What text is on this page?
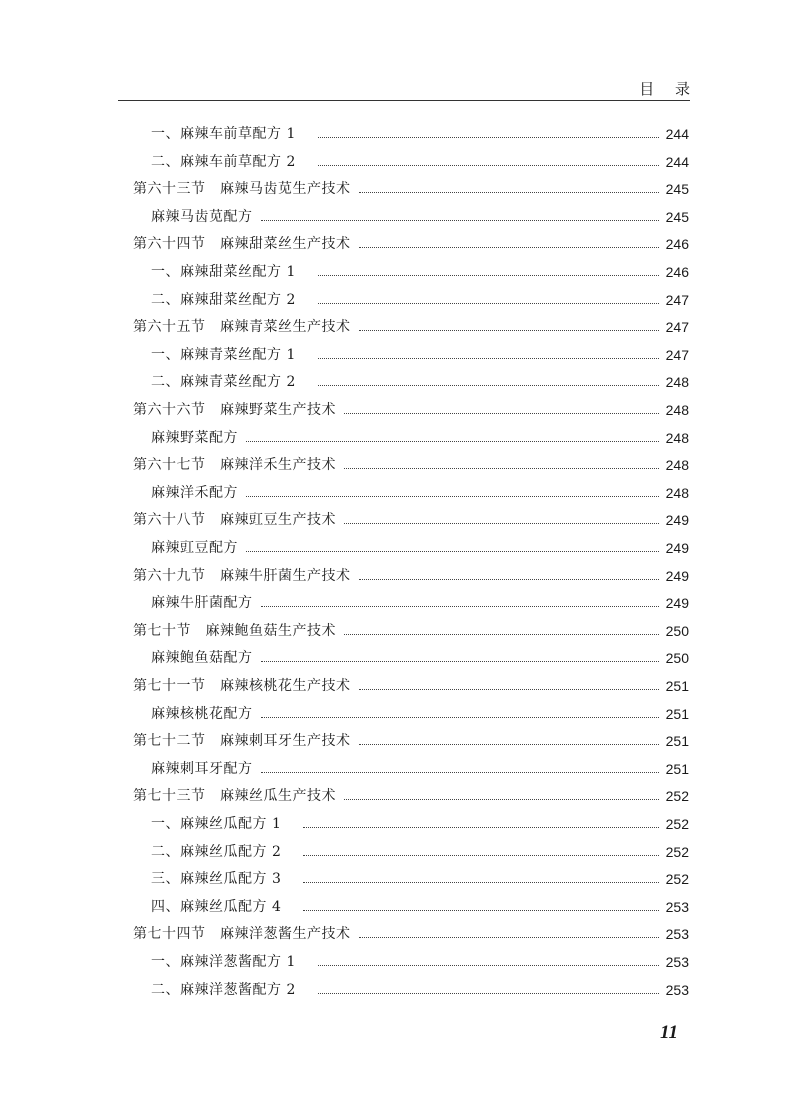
目 录
一、麻辣车前草配方 1	244
二、麻辣车前草配方 2	244
第六十三节　麻辣马齿苋生产技术	245
麻辣马齿苋配方	245
第六十四节　麻辣甜菜丝生产技术	246
一、麻辣甜菜丝配方 1	246
二、麻辣甜菜丝配方 2	247
第六十五节　麻辣青菜丝生产技术	247
一、麻辣青菜丝配方 1	247
二、麻辣青菜丝配方 2	248
第六十六节　麻辣野菜生产技术	248
麻辣野菜配方	248
第六十七节　麻辣洋禾生产技术	248
麻辣洋禾配方	248
第六十八节　麻辣豇豆生产技术	249
麻辣豇豆配方	249
第六十九节　麻辣牛肝菌生产技术	249
麻辣牛肝菌配方	249
第七十节　麻辣鲍鱼菇生产技术	250
麻辣鲍鱼菇配方	250
第七十一节　麻辣核桃花生产技术	251
麻辣核桃花配方	251
第七十二节　麻辣刺耳牙生产技术	251
麻辣刺耳牙配方	251
第七十三节　麻辣丝瓜生产技术	252
一、麻辣丝瓜配方 1	252
二、麻辣丝瓜配方 2	252
三、麻辣丝瓜配方 3	252
四、麻辣丝瓜配方 4	253
第七十四节　麻辣洋葱酱生产技术	253
一、麻辣洋葱酱配方 1	253
二、麻辣洋葱酱配方 2	253
11
